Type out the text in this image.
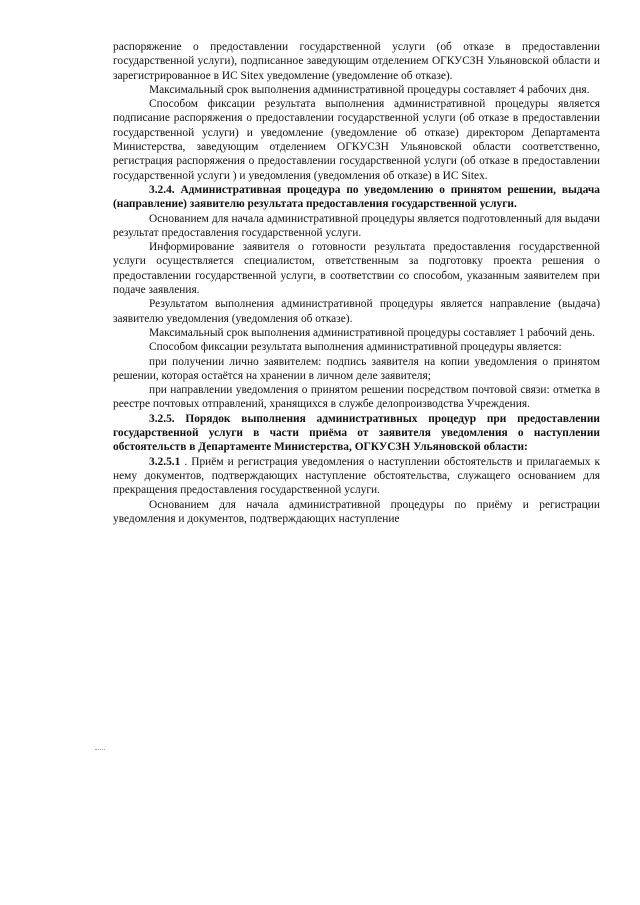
распоряжение о предоставлении государственной услуги (об отказе в предоставлении государственной услуги), подписанное заведующим отделением ОГКУСЗН Ульяновской области и зарегистрированное в ИС Sitex уведомление (уведомление об отказе).

Максимальный срок выполнения административной процедуры составляет 4 рабочих дня.

Способом фиксации результата выполнения административной процедуры является подписание распоряжения о предоставлении государственной услуги (об отказе в предоставлении государственной услуги) и уведомление (уведомление об отказе) директором Департамента Министерства, заведующим отделением ОГКУСЗН Ульяновской области соответственно, регистрация распоряжения о предоставлении государственной услуги (об отказе в предоставлении государственной услуги ) и уведомления (уведомления об отказе) в ИС Sitex.

3.2.4. Административная процедура по уведомлению о принятом решении, выдача (направление) заявителю результата предоставления государственной услуги.

Основанием для начала административной процедуры является подготовленный для выдачи результат предоставления государственной услуги.

Информирование заявителя о готовности результата предоставления государственной услуги осуществляется специалистом, ответственным за подготовку проекта решения о предоставлении государственной услуги, в соответствии со способом, указанным заявителем при подаче заявления.

Результатом выполнения административной процедуры является направление (выдача) заявителю уведомления (уведомления об отказе).

Максимальный срок выполнения административной процедуры составляет 1 рабочий день.

Способом фиксации результата выполнения административной процедуры является:

при получении лично заявителем: подпись заявителя на копии уведомления о принятом решении, которая остаётся на хранении в личном деле заявителя;

при направлении уведомления о принятом решении посредством почтовой связи: отметка в реестре почтовых отправлений, хранящихся в службе делопроизводства Учреждения.

3.2.5. Порядок выполнения административных процедур при предоставлении государственной услуги в части приёма от заявителя уведомления о наступлении обстоятельств в Департаменте Министерства, ОГКУСЗН Ульяновской области:

3.2.5.1 . Приём и регистрация уведомления о наступлении обстоятельств и прилагаемых к нему документов, подтверждающих наступление обстоятельства, служащего основанием для прекращения предоставления государственной услуги.

Основанием для начала административной процедуры по приёму и регистрации уведомления и документов, подтверждающих наступление
